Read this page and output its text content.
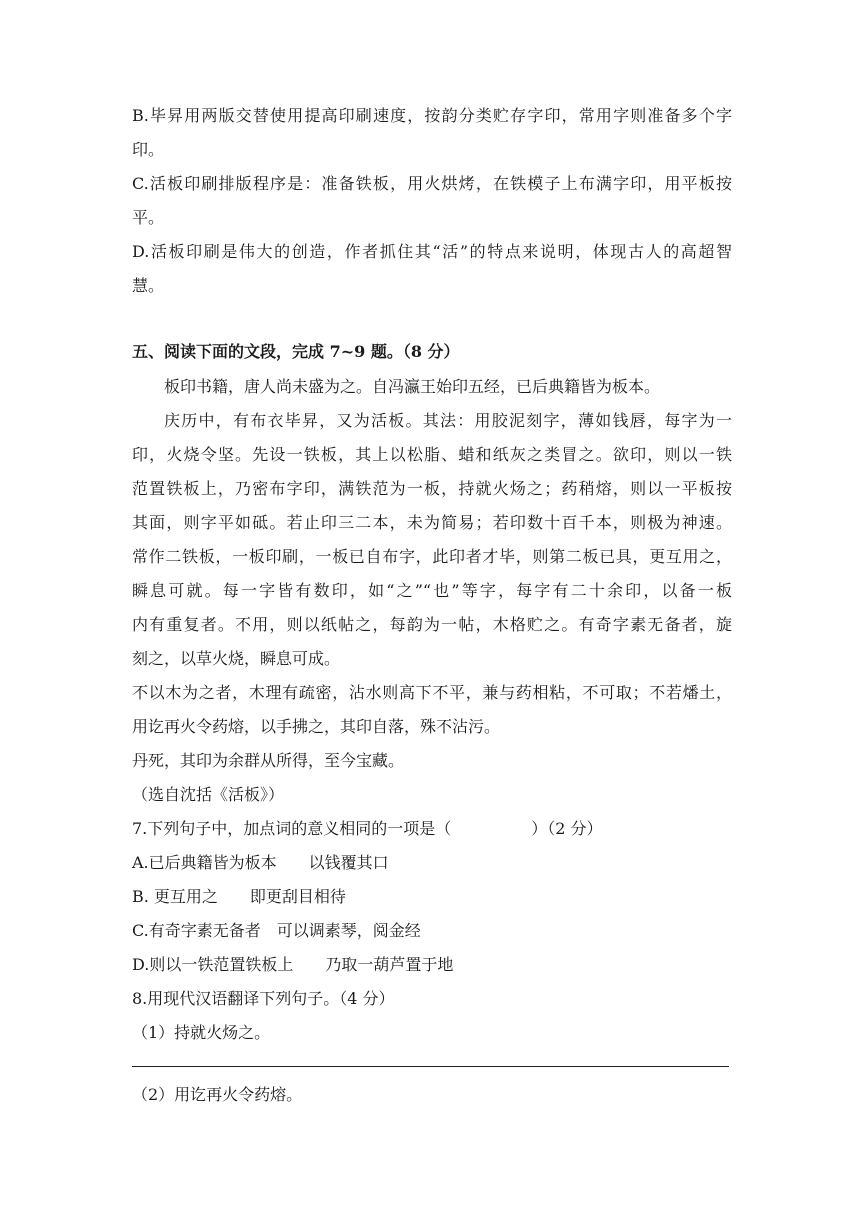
B.毕昇用两版交替使用提高印刷速度，按韵分类贮存字印，常用字则准备多个字
印。
C.活板印刷排版程序是：准备铁板，用火烘烤，在铁模子上布满字印，用平板按
平。
D.活板印刷是伟大的创造，作者抓住其“活”的特点来说明，体现古人的高超智
慧。
五、阅读下面的文段，完成 7~9 题。（8 分）
板印书籍，唐人尚未盛为之。自冯瀛王始印五经，已后典籍皆为板本。
庆历中，有布衣毕昇，又为活板。其法：用胶泥刻字，薄如钱唇，每字为一
印，火烧令坚。先设一铁板，其上以松脂、蜡和纸灰之类冒之。欲印，则以一铁
范置铁板上，乃密布字印，满铁范为一板，持就火炀之；药稍熔，则以一平板按
其面，则字平如砥。若止印三二本，未为简易；若印数十百千本，则极为神速。
常作二铁板，一板印刷，一板已自布字，此印者才毕，则第二板已具，更互用之，
瞬息可就。每一字皆有数印，如“之”“也”等字，每字有二十余印，以备一板
内有重复者。不用，则以纸帖之，每韵为一帖，木格贮之。有奇字素无备者，旋
刻之，以草火烧，瞬息可成。
不以木为之者，木理有疏密，沾水则高下不平，兼与药相粘，不可取；不若燔土，
用讫再火令药熔，以手拂之，其印自落，殊不沾污。
丹死，其印为余群从所得，至今宝藏。
（选自沈括《活板》）
7.下列句子中，加点词的意义相同的一项是（　　　　　）（2 分）
A.已后典籍皆为板本　　以钱覆其口
B. 更互用之　　即更刮目相待
C.有奇字素无备者　可以调素琴，阅金经
D.则以一铁范置铁板上　　乃取一葫芦置于地
8.用现代汉语翻译下列句子。（4 分）
（1）持就火炀之。
（2）用讫再火令药熔。
